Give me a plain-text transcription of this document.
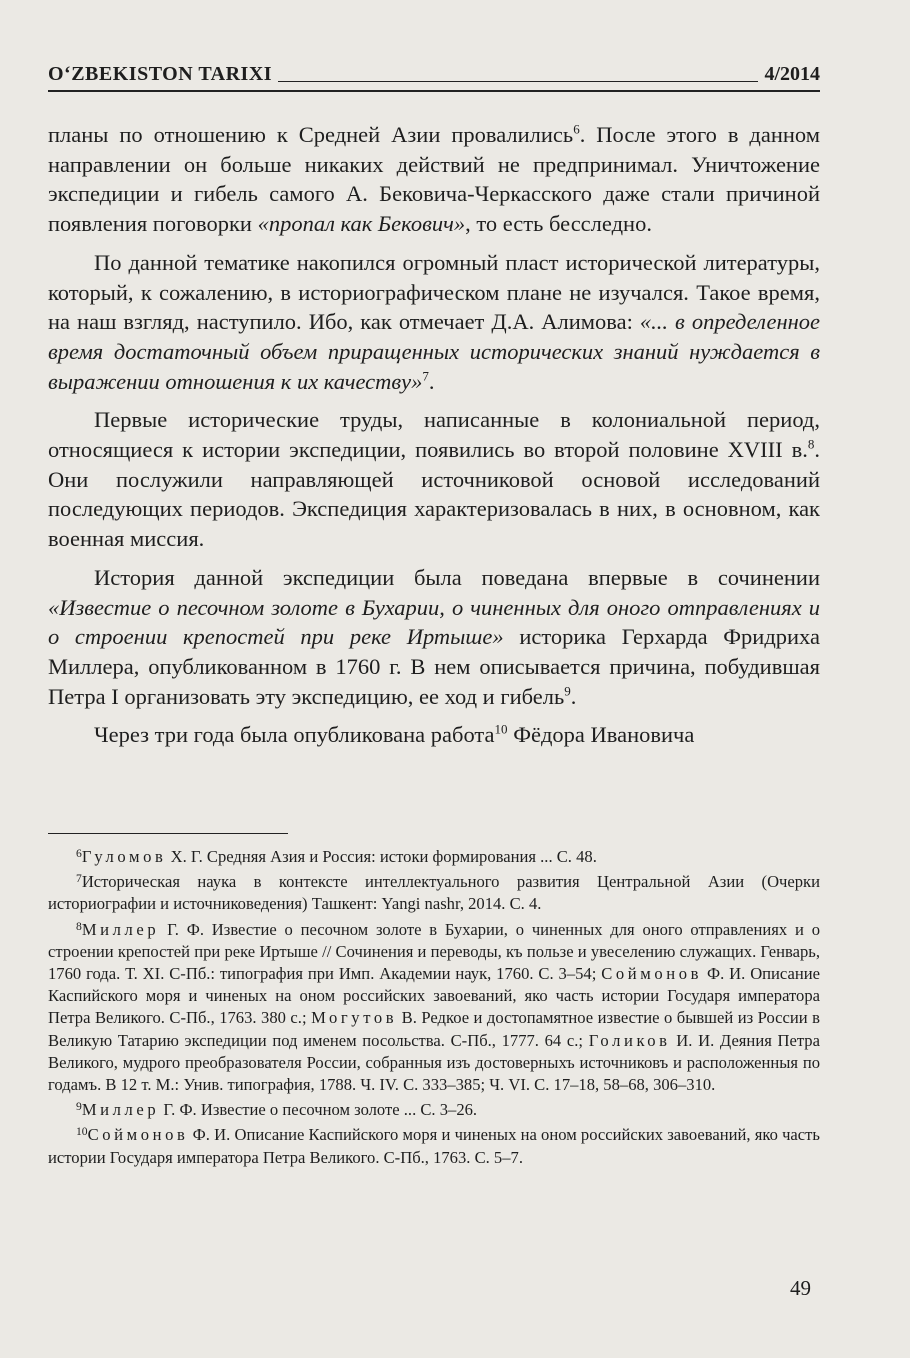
O‘ZBEKISTON TARIXI	4/2014

планы по отношению к Средней Азии провалились$^6$. После этого в данном направлении он больше никаких действий не предпринимал. Уничтожение экспедиции и гибель самого А. Бековича-Черкасского даже стали причиной появления поговорки «пропал как Бекович», то есть бесследно.

По данной тематике накопился огромный пласт исторической литературы, который, к сожалению, в историографическом плане не изучался. Такое время, на наш взгляд, наступило. Ибо, как отмечает Д.А. Алимова: «... в определенное время достаточный объем приращенных исторических знаний нуждается в выражении отношения к их качеству»$^7$.

Первые исторические труды, написанные в колониальной период, относящиеся к истории экспедиции, появились во второй половине XVIII в.$^8$. Они послужили направляющей источниковой основой исследований последующих периодов. Экспедиция характеризовалась в них, в основном, как военная миссия.

История данной экспедиции была поведана впервые в сочинении «Известие о песочном золоте в Бухарии, о чиненных для оного отправлениях и о строении крепостей при реке Иртыше» историка Герхарда Фридриха Миллера, опубликованном в 1760 г. В нем описывается причина, побудившая Петра I организовать эту экспедицию, ее ход и гибель$^9$.

Через три года была опубликована работа$^{10}$ Фёдора Ивановича

$^6$Гуломов Х. Г. Средняя Азия и Россия: истоки формирования ... С. 48.

$^7$Историческая наука в контексте интеллектуального развития Центральной Азии (Очерки историографии и источниковедения) Ташкент: Yangi nashr, 2014. С. 4.

$^8$Миллер Г. Ф. Известие о песочном золоте в Бухарии, о чиненных для оного отправлениях и о строении крепостей при реке Иртыше // Сочинения и переводы, къ пользе и увеселению служащих. Генварь, 1760 года. Т. XI. С-Пб.: типография при Имп. Академии наук, 1760. С. 3–54; Соймонов Ф. И. Описание Каспийского моря и чиненых на оном российских завоеваний, яко часть истории Государя императора Петра Великого. С-Пб., 1763. 380 с.; Могутов В. Редкое и достопамятное известие о бывшей из России в Великую Татарию экспедиции под именем посольства. С-Пб., 1777. 64 с.; Голиков И. И. Деяния Петра Великого, мудрого преобразователя России, собранныя изъ достоверныхъ источниковъ и расположенныя по годамъ. В 12 т. М.: Унив. типография, 1788. Ч. IV. С. 333–385; Ч. VI. С. 17–18, 58–68, 306–310.

$^9$Миллер Г. Ф. Известие о песочном золоте ... С. 3–26.

$^{10}$Соймонов Ф. И. Описание Каспийского моря и чиненых на оном российских завоеваний, яко часть истории Государя императора Петра Великого. С-Пб., 1763. С. 5–7.

49
